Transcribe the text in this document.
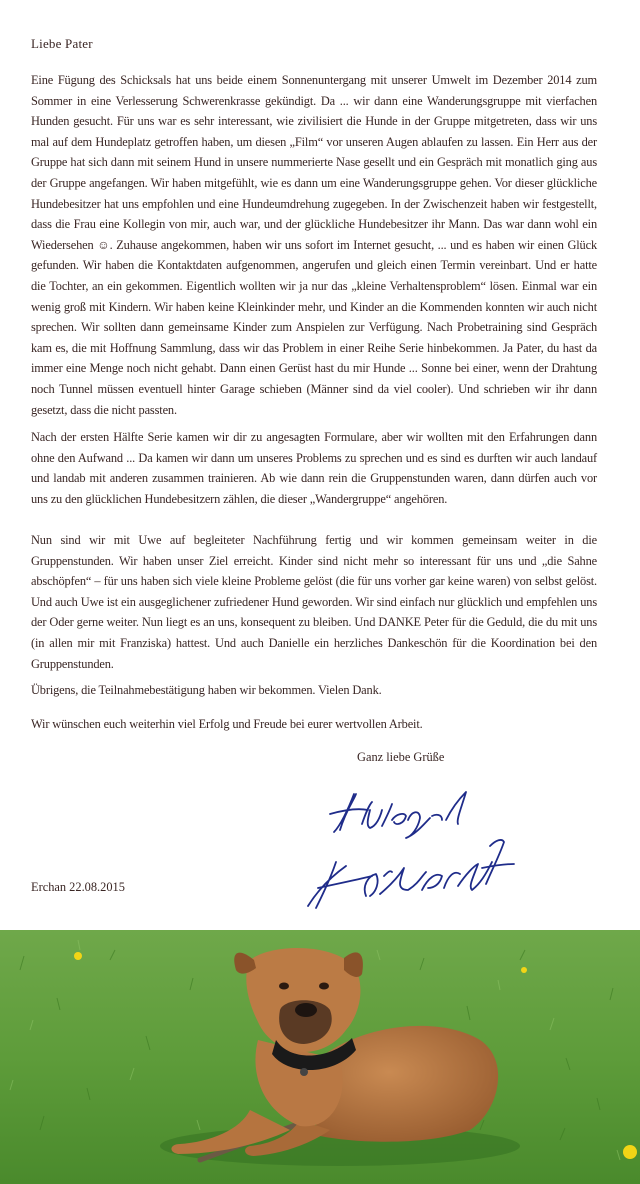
Liebe Pater

Eine Fügung des Schicksals hat uns beide einem Sonnenuntergang mit unserer Umwelt im Dezember 2014 zum Sommer in eine Verlesserung Schwerenkrasse gekündigt. Da ... wir dann eine Wanderungsgruppe mit vierfachen Hunden gesucht. Für uns war es sehr interessant, wie zivilisiert die Hunde in der Gruppe mitgetreten, dass wir uns mal auf dem Hundeplatz getroffen haben, um diesen „Film“ vor unseren Augen ablaufen zu lassen. Ein Herr aus der Gruppe hat sich dann mit seinem Hund in unsere nummerierte Nase gesellt und ein Gespräch mit monatlich ging aus der Gruppe angefangen. Wir haben mitgefühlt, wie es dann um eine Wanderungsgruppe gehen. Vor dieser glückliche Hundebesitzer hat uns empfohlen und eine Hundeumdrehung zugegeben. In der Zwischenzeit haben wir festgestellt, dass die Frau eine Kollegin von mir, auch war, und der glückliche Hundebesitzer ihr Mann. Das war dann wohl ein Wiedersehen ☺. Zuhause angekommen, haben wir uns sofort im Internet gesucht, ... und es haben wir einen Glück gefunden. Wir haben die Kontaktdaten aufgenommen, angerufen und gleich einen Termin vereinbart. Und er hatte die Tochter, an ein gekommen. Eigentlich wollten wir ja nur das „kleine Verhaltensproblem“ lösen. Einmal war ein wenig groß mit Kindern. Wir haben keine Kleinkinder mehr, und Kinder an die Kommenden konnten wir auch nicht sprechen. Wir sollten dann gemeinsame Kinder zum Anspielen zur Verfügung. Nach Probetraining sind Gespräch kam es, die mit Hoffnung Sammlung, dass wir das Problem in einer Reihe Serie hinbekommen. Ja Pater, du hast da immer eine Menge noch nicht gehabt. Dann einen Gerüst hast du mir Hunde ... Sonne bei einer, wenn der Drahtung noch Tunnel müssen eventuell hinter Garage schieben (Männer sind da viel cooler). Und schrieben wir ihr dann gesetzt, dass die nicht passten.

Nach der ersten Hälfte Serie kamen wir dir zu angesagten Formulare, aber wir wollten mit den Erfahrungen dann ohne den Aufwand ... Da kamen wir dann um unseres Problems zu sprechen und es sind es durften wir auch landauf und landab mit anderen zusammen trainieren. Ab wie dann rein die Gruppenstunden waren, dann dürfen auch vor uns zu den glücklichen Hundebesitzern zählen, die dieser „Wandergruppe“ angehören.

Nun sind wir mit Uwe auf begleiteter Nachführung fertig und wir kommen gemeinsam weiter in die Gruppenstunden. Wir haben unser Ziel erreicht. Kinder sind nicht mehr so interessant für uns und „die Sahne abschöpfen“ – für uns haben sich viele kleine Probleme gelöst (die für uns vorher gar keine waren) von selbst gelöst. Und auch Uwe ist ein ausgeglichener zufriedener Hund geworden. Wir sind einfach nur glücklich und empfehlen uns der Oder gerne weiter. Nun liegt es an uns, konsequent zu bleiben. Und DANKE Peter für die Geduld, die du mit uns (in allen mir mit Franziska) hattest. Und auch Danielle ein herzliches Dankeschön für die Koordination bei den Gruppenstunden.

Übrigens, die Teilnahmebestätigung haben wir bekommen. Vielen Dank.

Wir wünschen euch weiterhin viel Erfolg und Freude bei eurer wertvollen Arbeit.

Ganz liebe Grüße
Erchan 22.08.2015
